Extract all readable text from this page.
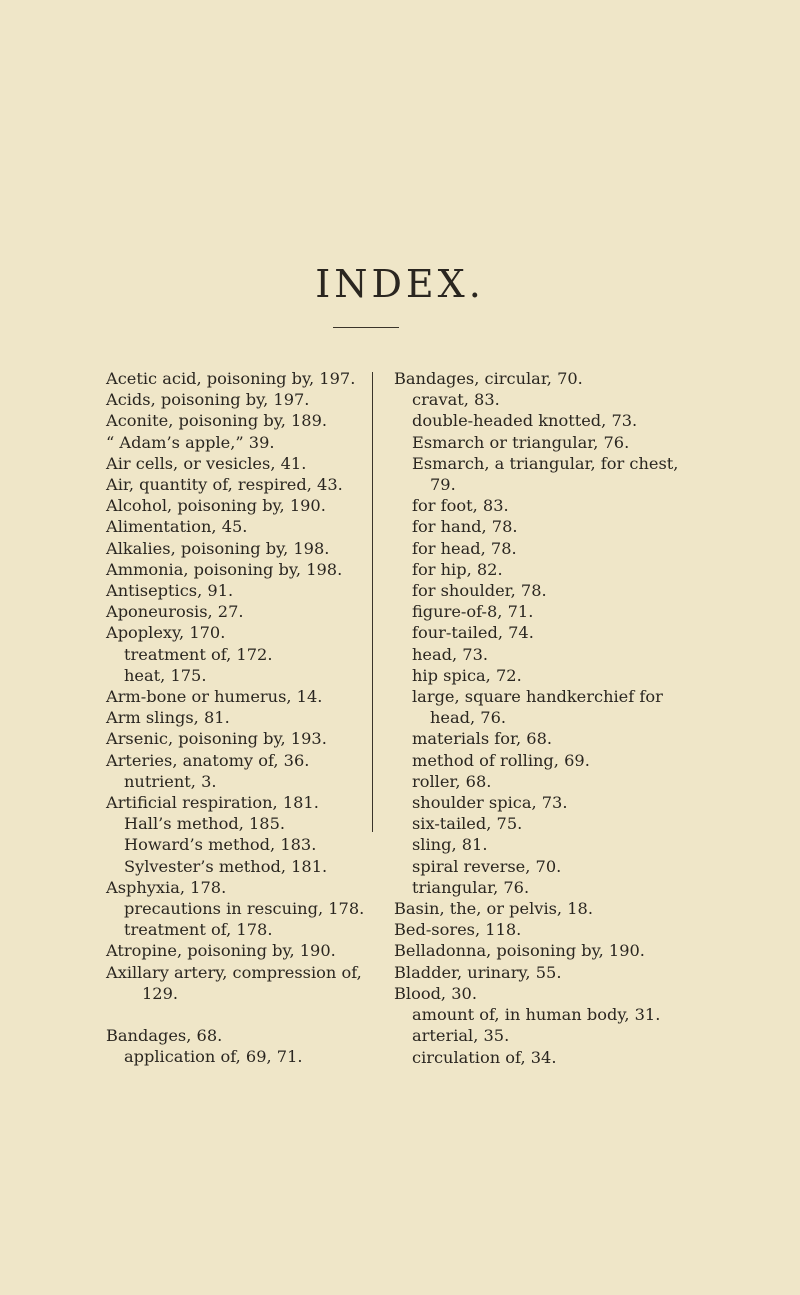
INDEX.
Acetic acid, poisoning by, 197.
Acids, poisoning by, 197.
Aconite, poisoning by, 189.
“ Adam’s apple,” 39.
Air cells, or vesicles, 41.
Air, quantity of, respired, 43.
Alcohol, poisoning by, 190.
Alimentation, 45.
Alkalies, poisoning by, 198.
Ammonia, poisoning by, 198.
Antiseptics, 91.
Aponeurosis, 27.
Apoplexy, 170.
treatment of, 172.
heat, 175.
Arm-bone or humerus, 14.
Arm slings, 81.
Arsenic, poisoning by, 193.
Arteries, anatomy of, 36.
nutrient, 3.
Artificial respiration, 181.
Hall’s method, 185.
Howard’s method, 183.
Sylvester’s method, 181.
Asphyxia, 178.
precautions in rescuing, 178.
treatment of, 178.
Atropine, poisoning by, 190.
Axillary artery, compression of,
129.
Bandages, 68.
application of, 69, 71.
Bandages, circular, 70.
cravat, 83.
double-headed knotted, 73.
Esmarch or triangular, 76.
Esmarch, a triangular, for chest,
79.
for foot, 83.
for hand, 78.
for head, 78.
for hip, 82.
for shoulder, 78.
figure-of-8, 71.
four-tailed, 74.
head, 73.
hip spica, 72.
large, square handkerchief for
head, 76.
materials for, 68.
method of rolling, 69.
roller, 68.
shoulder spica, 73.
six-tailed, 75.
sling, 81.
spiral reverse, 70.
triangular, 76.
Basin, the, or pelvis, 18.
Bed-sores, 118.
Belladonna, poisoning by, 190.
Bladder, urinary, 55.
Blood, 30.
amount of, in human body, 31.
arterial, 35.
circulation of, 34.
